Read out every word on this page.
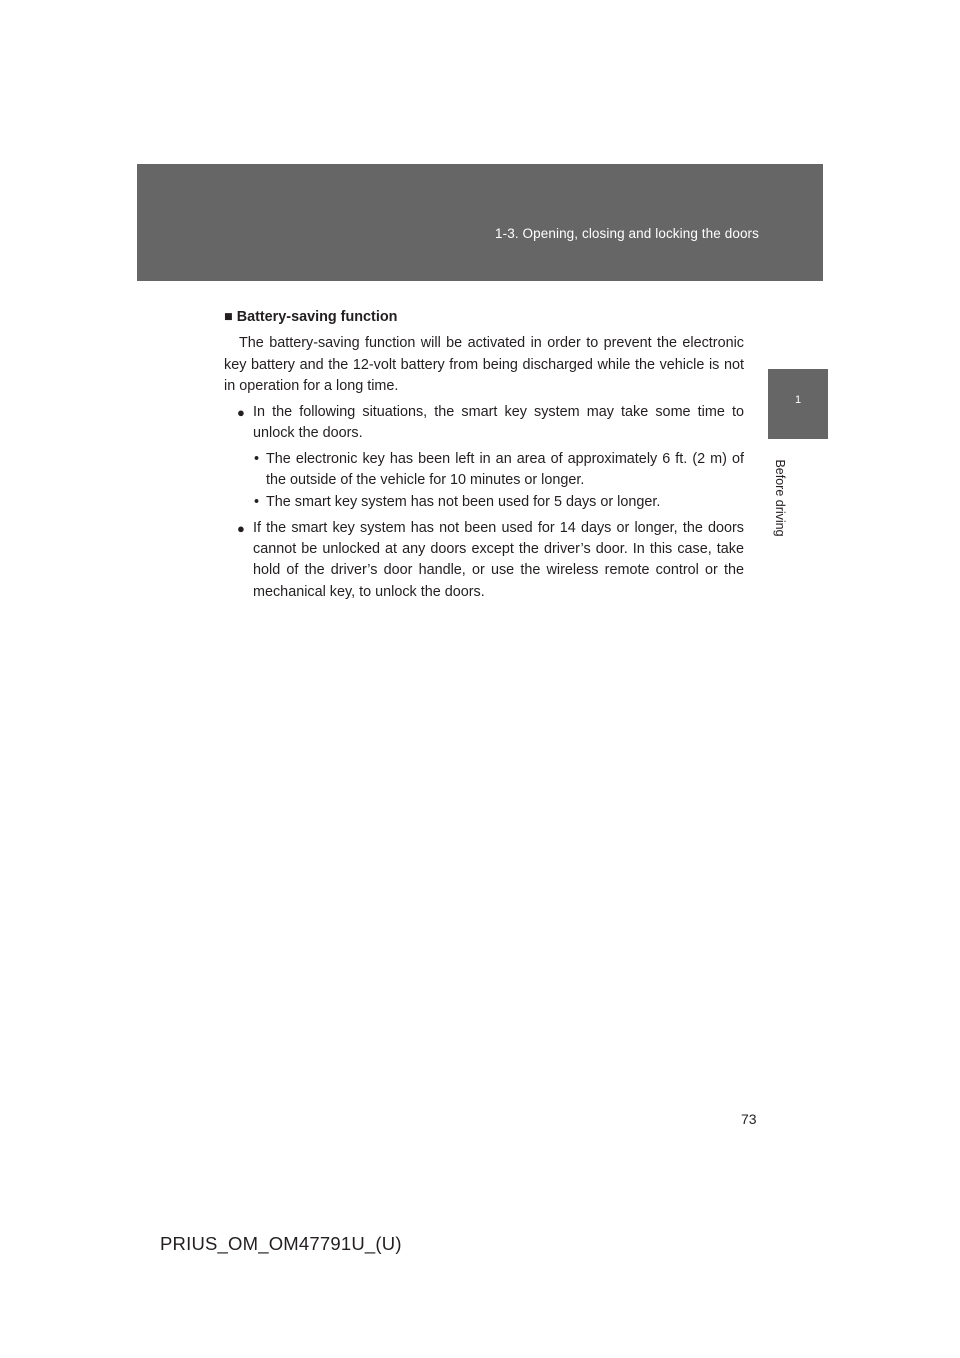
1-3. Opening, closing and locking the doors
1
Before driving
■ Battery-saving function

The battery-saving function will be activated in order to prevent the electronic key battery and the 12-volt battery from being discharged while the vehicle is not in operation for a long time.

● In the following situations, the smart key system may take some time to unlock the doors.
• The electronic key has been left in an area of approximately 6 ft. (2 m) of the outside of the vehicle for 10 minutes or longer.
• The smart key system has not been used for 5 days or longer.
● If the smart key system has not been used for 14 days or longer, the doors cannot be unlocked at any doors except the driver’s door. In this case, take hold of the driver’s door handle, or use the wireless remote control or the mechanical key, to unlock the doors.
73
PRIUS_OM_OM47791U_(U)
